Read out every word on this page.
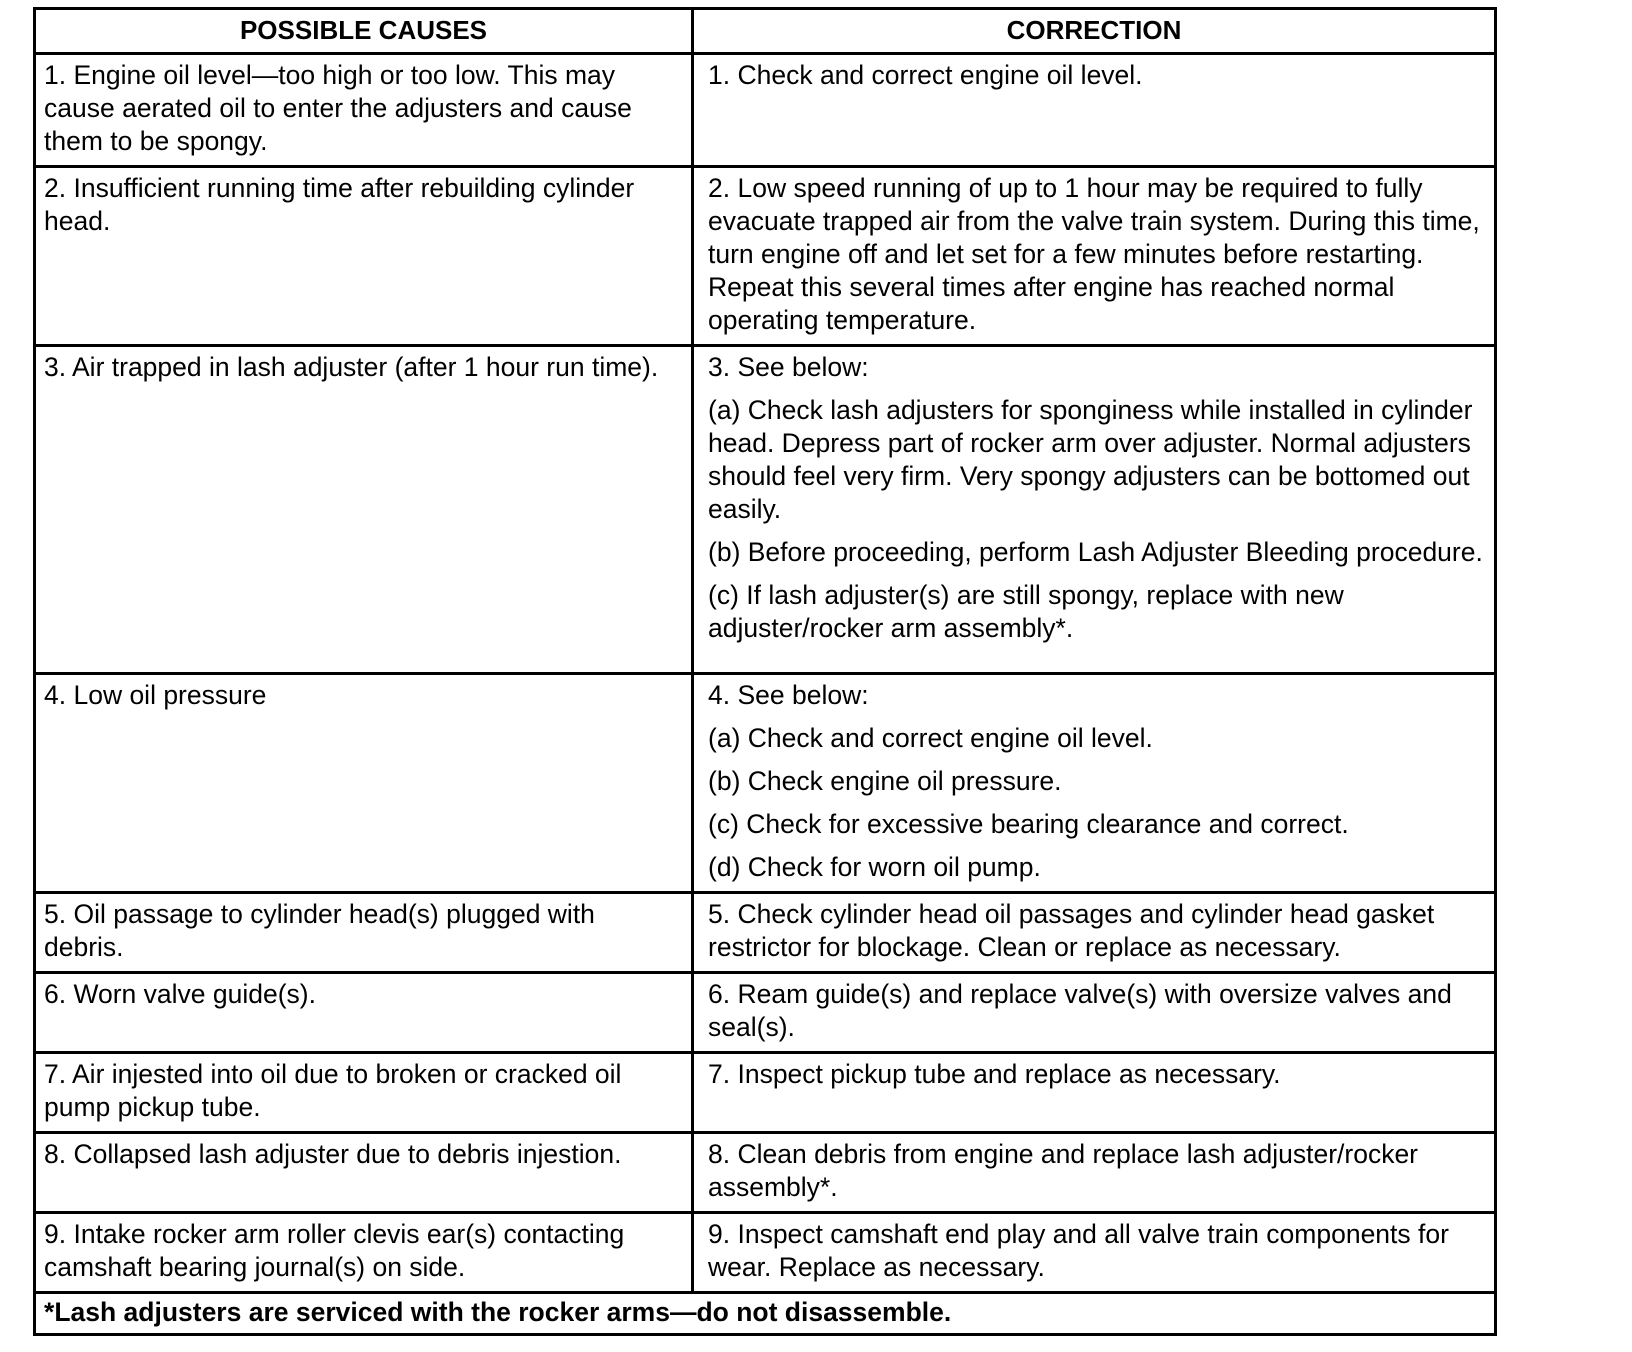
POSSIBLE CAUSES	CORRECTION
1. Engine oil level—too high or too low. This may cause aerated oil to enter the adjusters and cause them to be spongy.	1. Check and correct engine oil level.

2. Insufficient running time after rebuilding cylinder head.	2. Low speed running of up to 1 hour may be required to fully evacuate trapped air from the valve train system. During this time, turn engine off and let set for a few minutes before restarting. Repeat this several times after engine has reached normal operating temperature.

3. Air trapped in lash adjuster (after 1 hour run time).	3. See below:

(a) Check lash adjusters for sponginess while installed in cylinder head. Depress part of rocker arm over adjuster. Normal adjusters should feel very firm. Very spongy adjusters can be bottomed out easily.

(b) Before proceeding, perform Lash Adjuster Bleeding procedure.

(c) If lash adjuster(s) are still spongy, replace with new adjuster/rocker arm assembly*.

4. Low oil pressure	4. See below:

(a) Check and correct engine oil level.

(b) Check engine oil pressure.

(c) Check for excessive bearing clearance and correct.

(d) Check for worn oil pump.

5. Oil passage to cylinder head(s) plugged with debris.	5. Check cylinder head oil passages and cylinder head gasket restrictor for blockage. Clean or replace as necessary.

6. Worn valve guide(s).	6. Ream guide(s) and replace valve(s) with oversize valves and seal(s).

7. Air injested into oil due to broken or cracked oil pump pickup tube.	7. Inspect pickup tube and replace as necessary.

8. Collapsed lash adjuster due to debris injestion.	8. Clean debris from engine and replace lash adjuster/rocker assembly*.

9. Intake rocker arm roller clevis ear(s) contacting camshaft bearing journal(s) on side.	9. Inspect camshaft end play and all valve train components for wear. Replace as necessary.

*Lash adjusters are serviced with the rocker arms—do not disassemble.	
